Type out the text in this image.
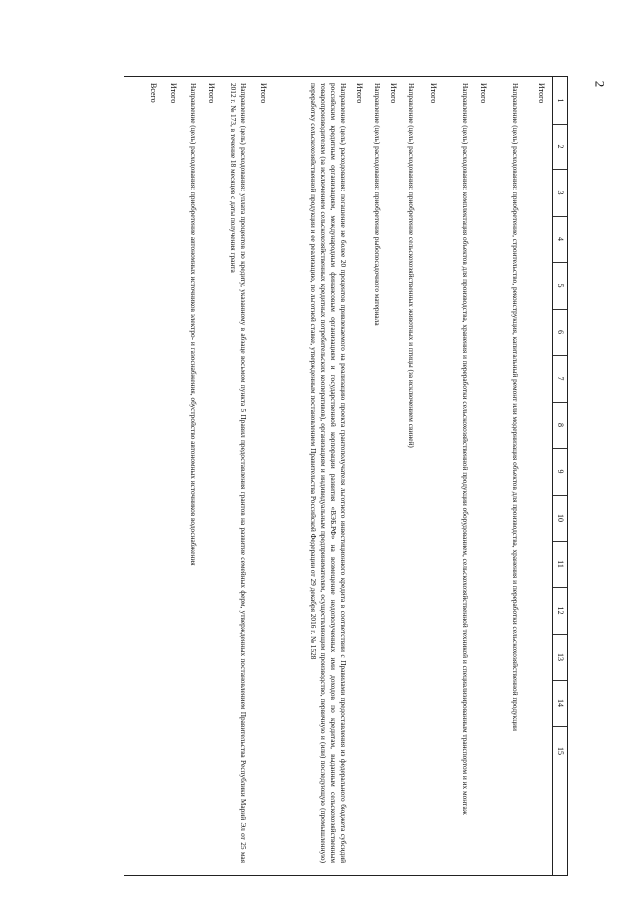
2
1
2
3
4
5
6
7
8
9
10
11
12
13
14
15
Итого
Направление (цель) расходования: приобретение, строительство, реконструкция, капитальный ремонт или модернизация объектов для производства, хранения и переработки сельскохозяйственной продукции
Итого
Направление (цель) расходования: комплектация объектов для производства, хранения и переработки сельскохозяйственной продукции оборудованием, сельскохозяйственной техникой и специализированным транспортом и их монтаж
Итого
Направление (цель) расходования: приобретение сельскохозяйственных животных и птицы (за исключением свиней)
Итого
Направление (цель) расходования: приобретение рыбопосадочного материала
Итого
Направление (цель) расходования: погашение не более 20 процентов привлекаемого на реализацию проекта грантополучателя льготного инвестиционного кредита в соответствии с Правилами предоставления из федерального бюджета субсидий российским кредитным организациям, международным финансовым организациям и государственной корпорации развития «ВЭБ.РФ» на возмещение недополученных ими доходов по кредитам, выданным сельскохозяйственным товаропроизводителям (за исключением сельскохозяйственных кредитных потребительских кооперативов), организациям и индивидуальным предпринимателям, осуществляющим производство, первичную и (или) последующую (промышленную) переработку сельскохозяйственной продукции и ее реализацию, по льготной ставке, утвержденным постановлением Правительства Российской Федерации от 29 декабря 2016 г. № 1528
Итого
Направление (цель) расходования: уплата процентов по кредиту, указанному в абзаце восьмом пункта 5 Правил предоставления грантов на развитие семейных ферм, утвержденных постановлением Правительства Республики Марий Эл от 25 мая 2012 г. № 173, в течение 18 месяцев с даты получения гранта
Итого
Направление (цель) расходования: приобретение автономных источников электро- и газоснабжения, обустройство автономных источников водоснабжения
Итого
Всего
